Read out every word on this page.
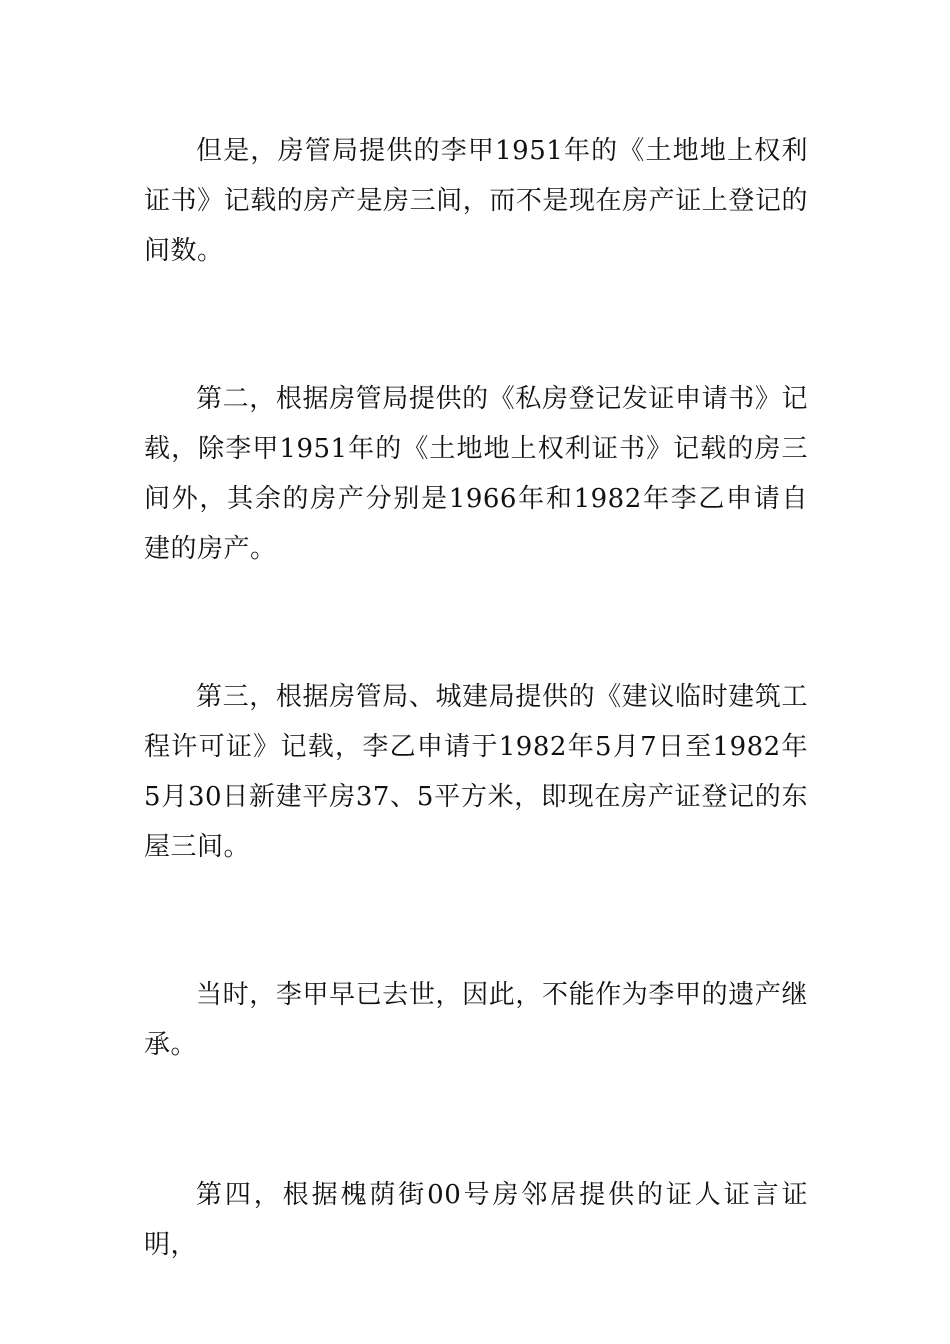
但是，房管局提供的李甲1951年的《土地地上权利证书》记载的房产是房三间，而不是现在房产证上登记的间数。

第二，根据房管局提供的《私房登记发证申请书》记载，除李甲1951年的《土地地上权利证书》记载的房三间外，其余的房产分别是1966年和1982年李乙申请自建的房产。

第三，根据房管局、城建局提供的《建议临时建筑工程许可证》记载，李乙申请于1982年5月7日至1982年5月30日新建平房37、5平方米，即现在房产证登记的东屋三间。

当时，李甲早已去世，因此，不能作为李甲的遗产继承。

第四，根据槐荫街00号房邻居提供的证人证言证明，
